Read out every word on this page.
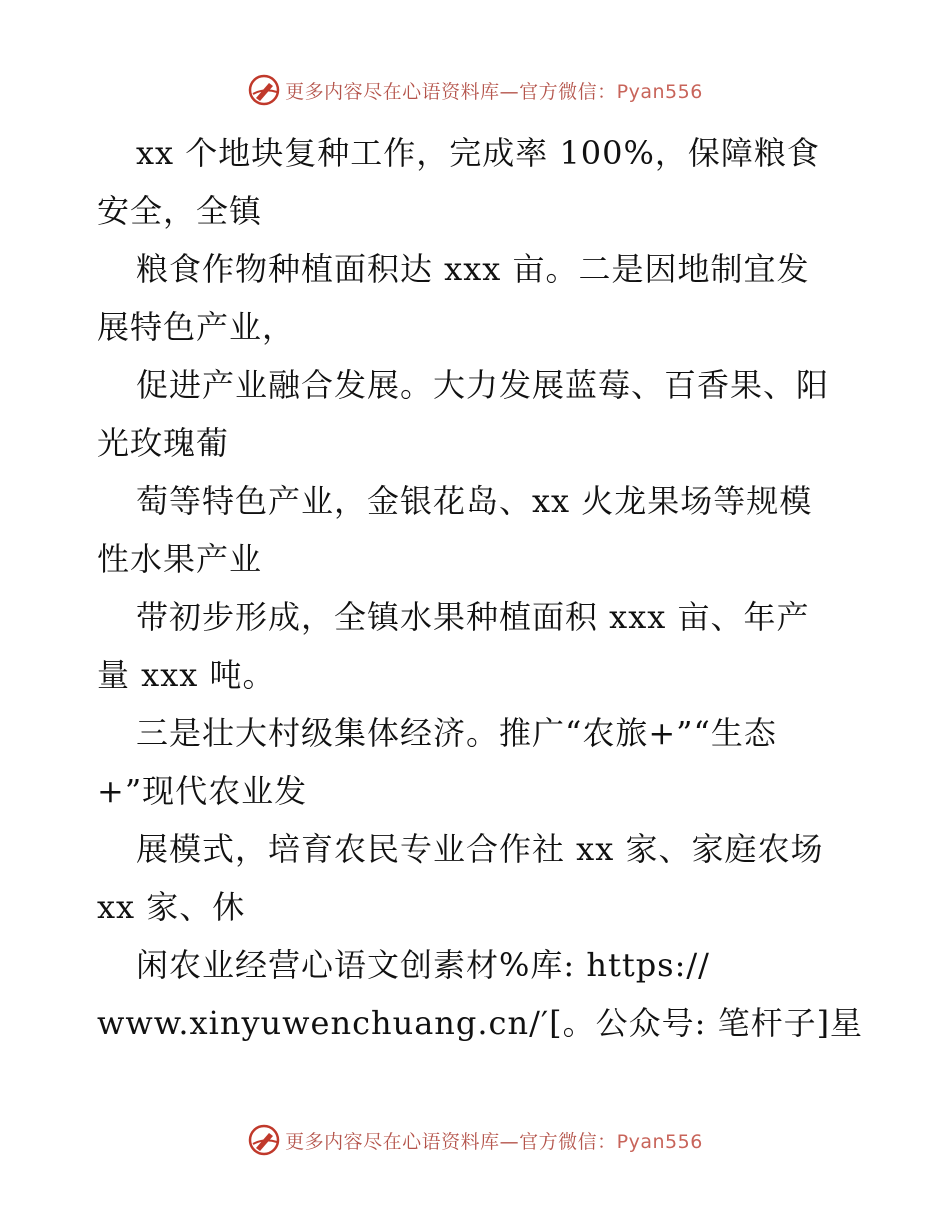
更多内容尽在心语资料库—官方微信：Pyan556
xx 个地块复种工作，完成率 100%，保障粮食
安全，全镇
粮食作物种植面积达 xxx 亩。二是因地制宜发
展特色产业，
促进产业融合发展。大力发展蓝莓、百香果、阳
光玫瑰葡
萄等特色产业，金银花岛、xx 火龙果场等规模
性水果产业
带初步形成，全镇水果种植面积 xxx 亩、年产
量 xxx 吨。
三是壮大村级集体经济。推广“农旅+”“生态
+”现代农业发
展模式，培育农民专业合作社 xx 家、家庭农场
xx 家、休
闲农业经营心语文创素材%库: https://
www.xinyuwenchuang.cn/′[。公众号: 笔杆子]星
更多内容尽在心语资料库—官方微信：Pyan556
